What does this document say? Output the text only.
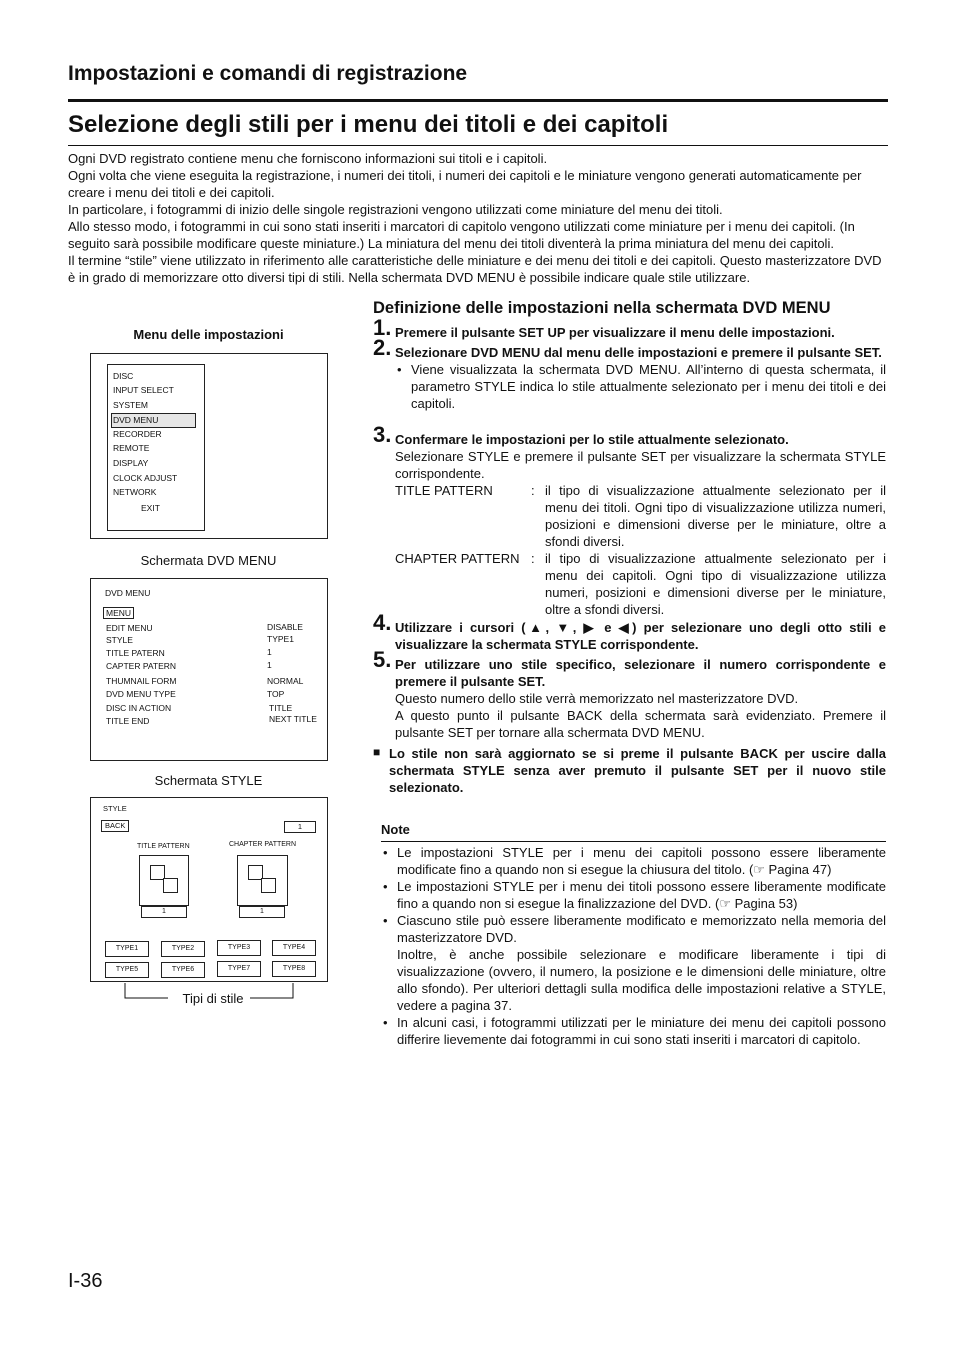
Impostazioni e comandi di registrazione
Selezione degli stili per i menu dei titoli e dei capitoli

Ogni DVD registrato contiene menu che forniscono informazioni sui titoli e i capitoli.

Ogni volta che viene eseguita la registrazione, i numeri dei titoli, i numeri dei capitoli e le miniature vengono generati automaticamente per creare i menu dei titoli e dei capitoli.

In particolare, i fotogrammi di inizio delle singole registrazioni vengono utilizzati come miniature del menu dei titoli.

Allo stesso modo, i fotogrammi in cui sono stati inseriti i marcatori di capitolo vengono utilizzati come miniature per i menu dei capitoli. (In seguito sarà possibile modificare queste miniature.) La miniatura del menu dei titoli diventerà la prima miniatura del menu dei capitoli.

Il termine “stile” viene utilizzato in riferimento alle caratteristiche delle miniature e dei menu dei titoli e dei capitoli. Questo masterizzatore DVD è in grado di memorizzare otto diversi tipi di stili. Nella schermata DVD MENU è possibile indicare quale stile utilizzare.

Menu delle impostazioni
DISC
INPUT SELECT
SYSTEM
DVD MENU
RECORDER
REMOTE
DISPLAY
CLOCK ADJUST
NETWORK
EXIT
Schermata DVD MENU
DVD MENU
MENU
EDIT MENU	DISABLE
STYLE	TYPE1
TITLE PATERN	1
CAPTER PATERN	1
THUMNAIL FORM	NORMAL
DVD MENU TYPE	TOP
DISC IN ACTION	TITLE
TITLE END	NEXT TITLE
Schermata STYLE
STYLE
BACK	1
TITLE PATTERN	CHAPTER PATTERN
1	1
TYPE1	TYPE2	TYPE3	TYPE4
TYPE5	TYPE6	TYPE7	TYPE8
Tipi di stile
Definizione delle impostazioni nella schermata DVD MENU
1. Premere il pulsante SET UP per visualizzare il menu delle impostazioni.
2. Selezionare DVD MENU dal menu delle impostazioni e premere il pulsante SET.
• Viene visualizzata la schermata DVD MENU. All’interno di questa schermata, il parametro STYLE indica lo stile attualmente selezionato per i menu dei titoli e dei capitoli.
3. Confermare le impostazioni per lo stile attualmente selezionato.
Selezionare STYLE e premere il pulsante SET per visualizzare la schermata STYLE corrispondente.
TITLE PATTERN	: il tipo di visualizzazione attualmente selezionato per il menu dei titoli. Ogni tipo di visualizzazione utilizza numeri, posizioni e dimensioni diverse per le miniature, oltre a sfondi diversi.
CHAPTER PATTERN : il tipo di visualizzazione attualmente selezionato per i menu dei capitoli. Ogni tipo di visualizzazione utilizza numeri, posizioni e dimensioni diverse per le miniature, oltre a sfondi diversi.
4. Utilizzare i cursori (▲, ▼, ▶ e ◀) per selezionare uno degli otto stili e visualizzare la schermata STYLE corrispondente.
5. Per utilizzare uno stile specifico, selezionare il numero corrispondente e premere il pulsante SET.
Questo numero dello stile verrà memorizzato nel masterizzatore DVD.
A questo punto il pulsante BACK della schermata sarà evidenziato. Premere il pulsante SET per tornare alla schermata DVD MENU.
■ Lo stile non sarà aggiornato se si preme il pulsante BACK per uscire dalla schermata STYLE senza aver premuto il pulsante SET per il nuovo stile selezionato.
Note
• Le impostazioni STYLE per i menu dei capitoli possono essere liberamente modificate fino a quando non si esegue la chiusura del titolo. (☞ Pagina 47)
• Le impostazioni STYLE per i menu dei titoli possono essere liberamente modificate fino a quando non si esegue la finalizzazione del DVD. (☞ Pagina 53)
• Ciascuno stile può essere liberamente modificato e memorizzato nella memoria del masterizzatore DVD.
Inoltre, è anche possibile selezionare e modificare liberamente i tipi di visualizzazione (ovvero, il numero, la posizione e le dimensioni delle miniature, oltre allo sfondo). Per ulteriori dettagli sulla modifica delle impostazioni relative a STYLE, vedere a pagina 37.
• In alcuni casi, i fotogrammi utilizzati per le miniature dei menu dei capitoli possono differire lievemente dai fotogrammi in cui sono stati inseriti i marcatori di capitolo.
I-36
